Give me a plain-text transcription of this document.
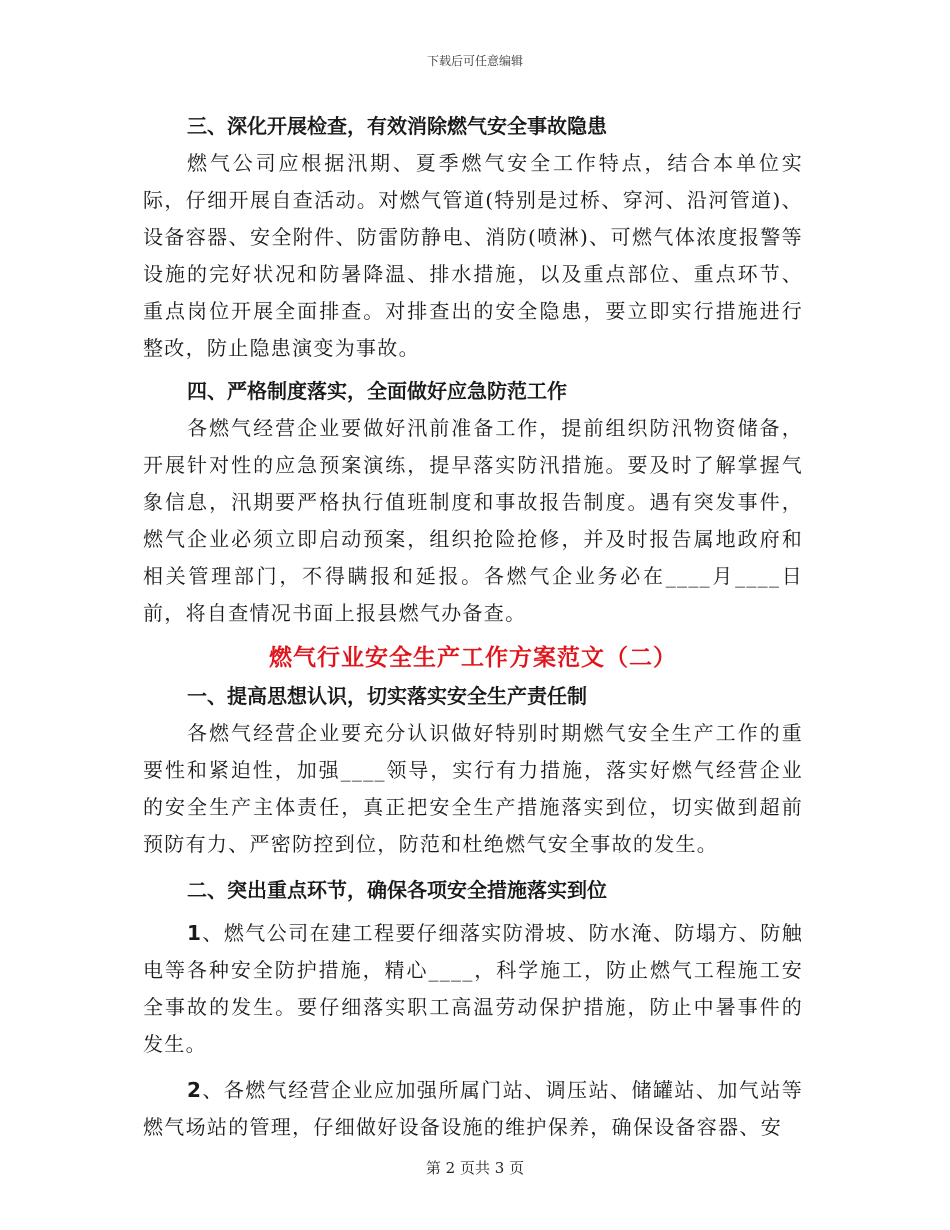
下载后可任意编辑

三、深化开展检查，有效消除燃气安全事故隐患

燃气公司应根据汛期、夏季燃气安全工作特点，结合本单位实际，仔细开展自查活动。对燃气管道(特别是过桥、穿河、沿河管道)、设备容器、安全附件、防雷防静电、消防(喷淋)、可燃气体浓度报警等设施的完好状况和防暑降温、排水措施，以及重点部位、重点环节、重点岗位开展全面排查。对排查出的安全隐患，要立即实行措施进行整改，防止隐患演变为事故。

四、严格制度落实，全面做好应急防范工作

各燃气经营企业要做好汛前准备工作，提前组织防汛物资储备，开展针对性的应急预案演练，提早落实防汛措施。要及时了解掌握气象信息，汛期要严格执行值班制度和事故报告制度。遇有突发事件，燃气企业必须立即启动预案，组织抢险抢修，并及时报告属地政府和相关管理部门，不得瞒报和延报。各燃气企业务必在____月____日前，将自查情况书面上报县燃气办备查。

燃气行业安全生产工作方案范文（二）

一、提高思想认识，切实落实安全生产责任制

各燃气经营企业要充分认识做好特别时期燃气安全生产工作的重要性和紧迫性，加强____领导，实行有力措施，落实好燃气经营企业的安全生产主体责任，真正把安全生产措施落实到位，切实做到超前预防有力、严密防控到位，防范和杜绝燃气安全事故的发生。

二、突出重点环节，确保各项安全措施落实到位

1、燃气公司在建工程要仔细落实防滑坡、防水淹、防塌方、防触电等各种安全防护措施，精心____，科学施工，防止燃气工程施工安全事故的发生。要仔细落实职工高温劳动保护措施，防止中暑事件的发生。

2、各燃气经营企业应加强所属门站、调压站、储罐站、加气站等燃气场站的管理，仔细做好设备设施的维护保养，确保设备容器、安

第 2 页共 3 页
